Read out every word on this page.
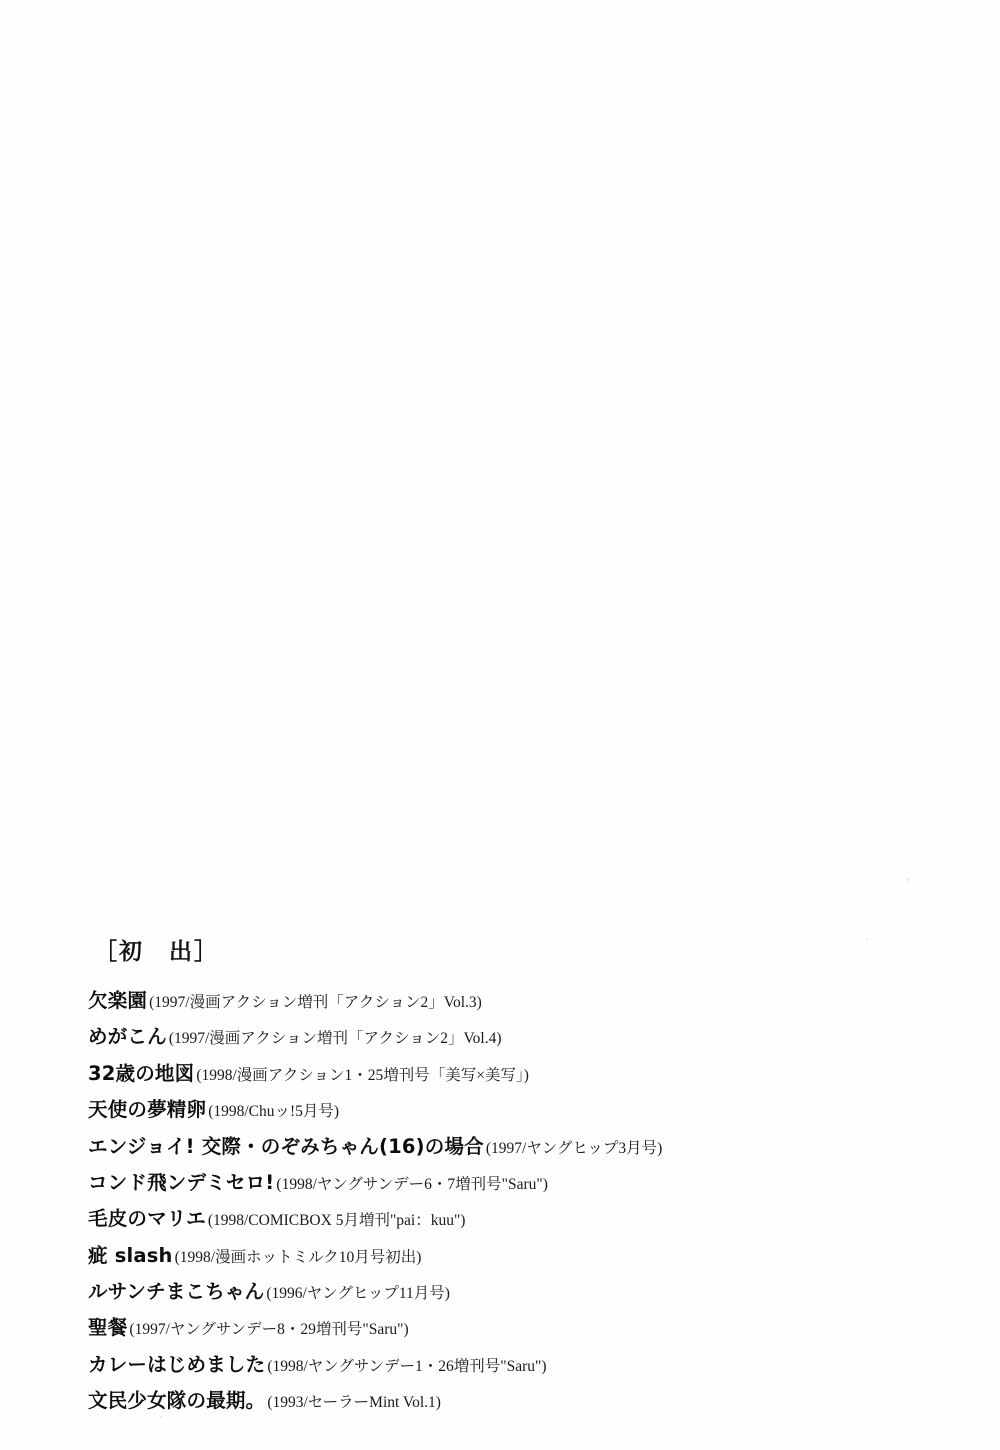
［初　出］
欠楽園 (1997/漫画アクション増刊「アクション2」Vol.3)
めがこん (1997/漫画アクション増刊「アクション2」Vol.4)
32歳の地図 (1998/漫画アクション1・25増刊号「美写×美写」)
天使の夢精卵 (1998/Chuッ!5月号)
エンジョイ! 交際・のぞみちゃん(16)の場合 (1997/ヤングヒップ3月号)
コンド飛ンデミセロ! (1998/ヤングサンデー6・7増刊号"Saru")
毛皮のマリエ (1998/COMICBOX 5月増刊"pai：kuu")
疵 slash (1998/漫画ホットミルク10月号初出)
ルサンチまこちゃん (1996/ヤングヒップ11月号)
聖餐 (1997/ヤングサンデー8・29増刊号"Saru")
カレーはじめました (1998/ヤングサンデー1・26増刊号"Saru")
文民少女隊の最期。 (1993/セーラーMint Vol.1)
